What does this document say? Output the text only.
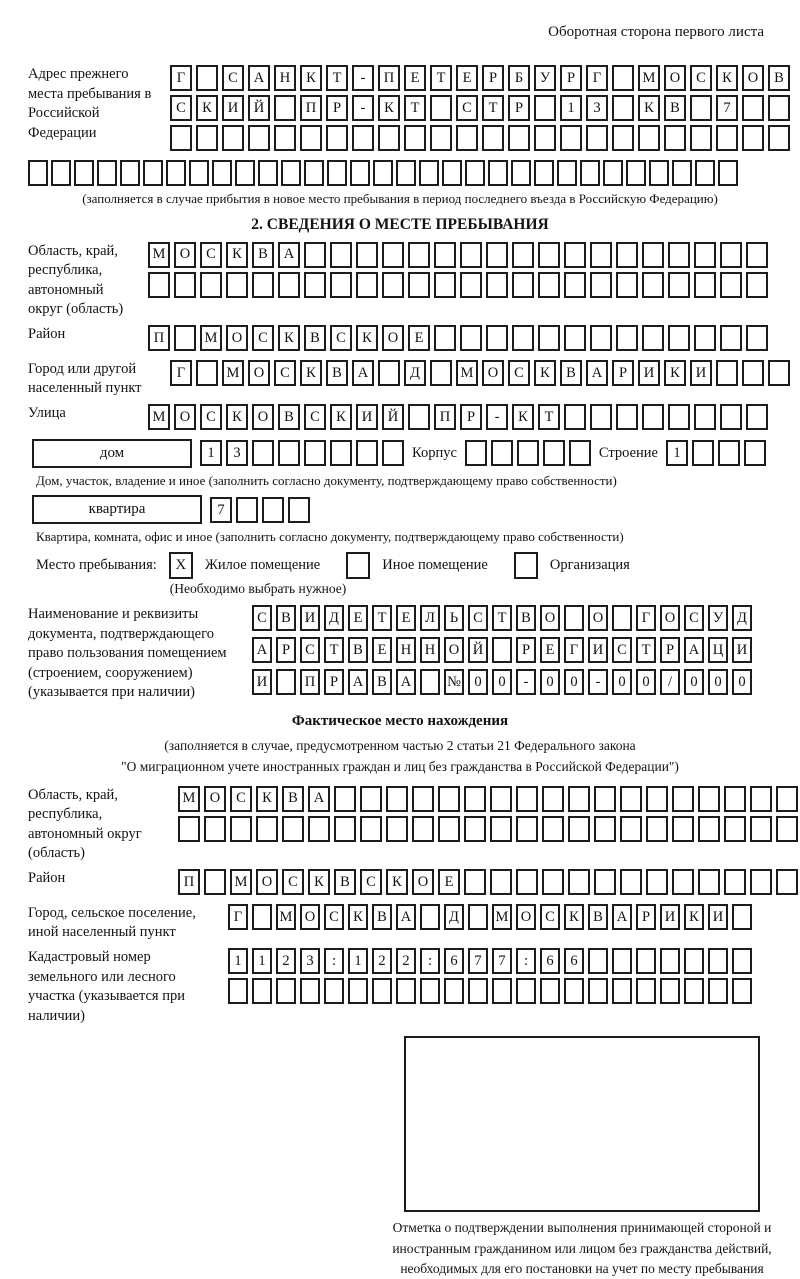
Оборотная сторона первого листа
Адрес прежнего места пребывания в Российской Федерации
Г	С	А	Н	К	Т	-	П	Е	Т	Е	Р	Б	У	Р	Г	М О	С	К	О	В
С	К	И	Й	П	Р	-	К	Т	С	Т	Р	1	3	К	В	7
(заполняется в случае прибытия в новое место пребывания в период последнего въезда в Российскую Федерацию)
2. СВЕДЕНИЯ О МЕСТЕ ПРЕБЫВАНИЯ
Область, край, республика, автономный округ (область)
М О	С	К	В	А
Район	П	М О	С	К	В	С	К	О	Е
Город или другой населенный пункт
Г	М О	С	К	В	А	Д	М О	С	К	В	А	Р	И	К	И
Улица	М О	С	К	О	В	С	К	И	Й	П	Р	-	К	Т
дом	1	3	Корпус	Строение	1
Дом, участок, владение и иное (заполнить согласно документу, подтверждающему право собственности)
квартира	7
Квартира, комната, офис и иное (заполнить согласно документу, подтверждающему право собственности)
Место пребывания:	X	Жилое помещение	Иное помещение	Организация
(Необходимо выбрать нужное)
Наименование и реквизиты документа, подтверждающего право пользования помещением (строением, сооружением) (указывается при наличии)
С В И Д	Е	Т	Е	Л	Ь	С	Т	В О	О	Г	О С У Д
А	Р	С	Т	В	Е Н Н О Й	Р	Е	Г	И С	Т	Р	А Ц И
И	П	Р	А В А	№ 0	0	-	0	0	-	0	0	/	0	0	0
Фактическое место нахождения
(заполняется в случае, предусмотренном частью 2 статьи 21 Федерального закона
"О миграционном учете иностранных граждан и лиц без гражданства в Российской Федерации")
Область, край, республика, автономный округ (область)
М О	С	К	В	А
Район	П	М О	С	К	В	С	К	О	Е
Город, сельское поселение, иной населенный пункт
Г	М О С К В А	Д	М О С К В А	Р	И К И
Кадастровый номер земельного или лесного участка (указывается при наличии)
1	1	2	3	:	1	2	2	:	6	7	7	:	6	6
Отметка о подтверждении выполнения принимающей стороной и иностранным гражданином или лицом без гражданства действий, необходимых для его постановки на учет по месту пребывания
